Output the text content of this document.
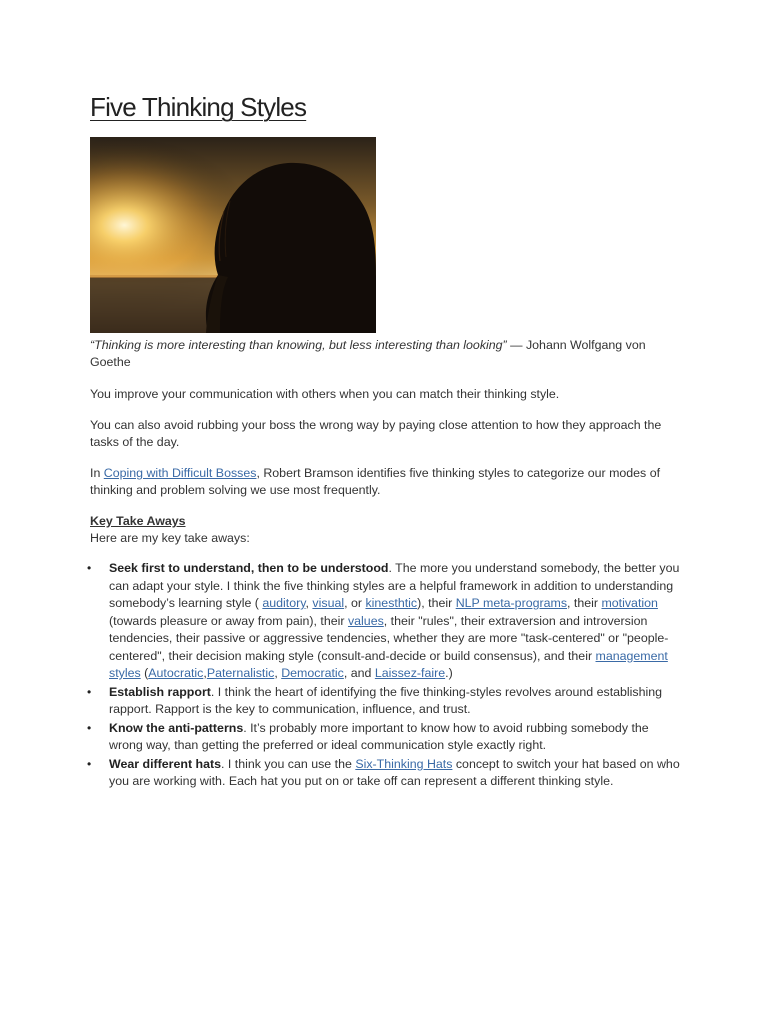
Five Thinking Styles

“Thinking is more interesting than knowing, but less interesting than looking” — Johann Wolfgang von Goethe

You improve your communication with others when you can match their thinking style.

You can also avoid rubbing your boss the wrong way by paying close attention to how they approach the tasks of the day.

In Coping with Difficult Bosses, Robert Bramson identifies five thinking styles to categorize our modes of thinking and problem solving we use most frequently.

Key Take Aways

Here are my key take aways:

• Seek first to understand, then to be understood. The more you understand somebody, the better you can adapt your style. I think the five thinking styles are a helpful framework in addition to understanding somebody’s learning style ( auditory, visual, or kinesthtic), their NLP meta-programs, their motivation (towards pleasure or away from pain), their values, their "rules", their extraversion and introversion tendencies, their passive or aggressive tendencies, whether they are more "task-centered" or "people-centered", their decision making style (consult-and-decide or build consensus), and their management styles (Autocratic,Paternalistic, Democratic, and Laissez-faire.)
• Establish rapport. I think the heart of identifying the five thinking-styles revolves around establishing rapport. Rapport is the key to communication, influence, and trust.
• Know the anti-patterns. It’s probably more important to know how to avoid rubbing somebody the wrong way, than getting the preferred or ideal communication style exactly right.
• Wear different hats. I think you can use the Six-Thinking Hats concept to switch your hat based on who you are working with. Each hat you put on or take off can represent a different thinking style.
